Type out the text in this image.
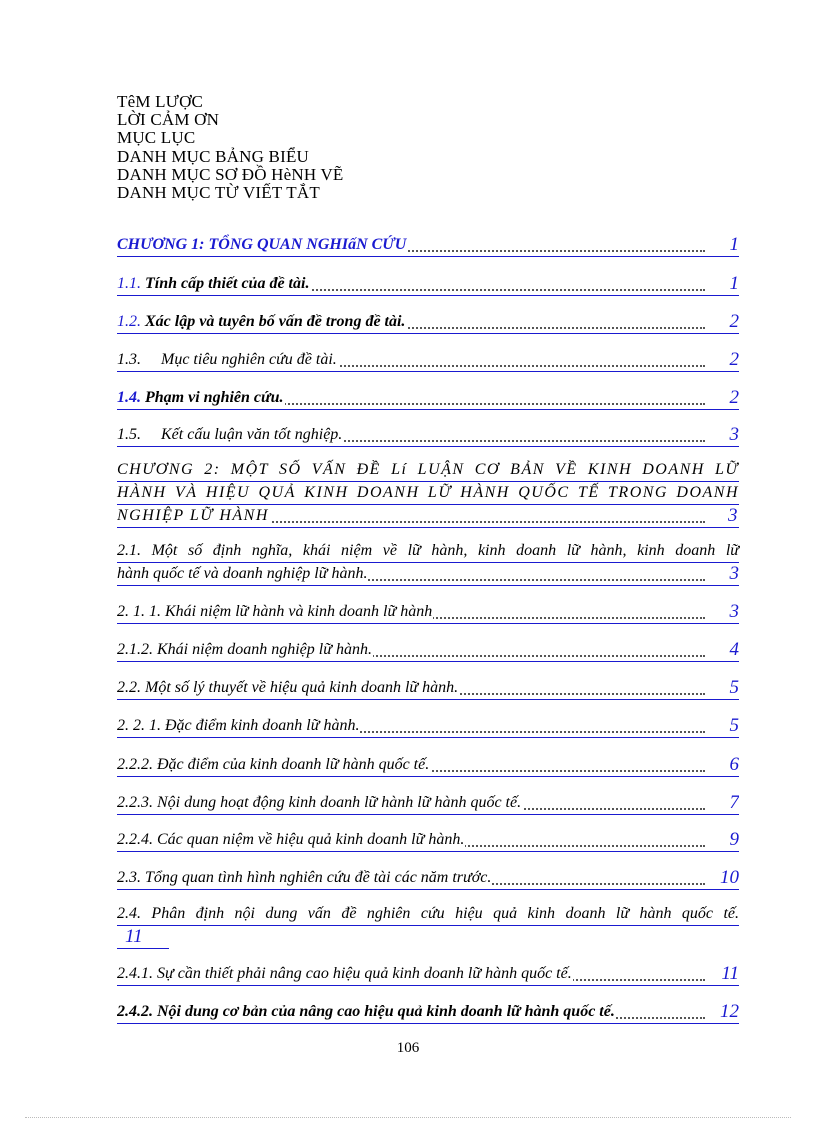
TêM LƯỢC
LỜI CẢM ƠN
MỤC LỤC
DANH MỤC BẢNG BIỂU
DANH MỤC SƠ ĐỒ HèNH VẼ
DANH MỤC TỪ VIẾT TẮT
CHƯƠNG 1: TỔNG QUAN NGHIấN CỨU	1
1.1. Tính cấp thiết của đề tài.	1
1.2. Xác lập và tuyên bố vấn đề trong đề tài.	2
1.3.     Mục tiêu nghiên cứu đề tài.	2
1.4. Phạm vi nghiên cứu.	2
1.5.     Kết cấu luận văn tốt nghiệp.	3
CHƯƠNG 2: MỘT SỐ VẤN ĐỀ Lí LUẬN CƠ BẢN VỀ KINH DOANH LỮ
HÀNH VÀ HIỆU QUẢ KINH DOANH LỮ HÀNH QUỐC TẾ TRONG DOANH
NGHIỆP LỮ HÀNH	3
2.1. Một số định nghĩa, khái niệm về lữ hành, kinh doanh lữ hành, kinh doanh lữ
hành quốc tế và doanh nghiệp lữ hành.	3
2. 1. 1. Khái niệm lữ hành và kinh doanh lữ hành	3
2.1.2. Khái niệm doanh nghiệp lữ hành.	4
2.2. Một số lý thuyết về hiệu quả kinh doanh lữ hành.	5
2. 2. 1. Đặc điểm kinh doanh lữ hành.	5
2.2.2. Đặc điểm của kinh doanh lữ hành quốc tế.	6
2.2.3. Nội dung hoạt động kinh doanh lữ hành lữ hành quốc tế.	7
2.2.4. Các quan niệm về hiệu quả kinh doanh lữ hành.	9
2.3. Tổng quan tình hình nghiên cứu đề tài các năm trước.	10
2.4. Phân định nội dung vấn đề nghiên cứu hiệu quả kinh doanh lữ hành quốc tế.
11
2.4.1. Sự cần thiết phải nâng cao hiệu quả kinh doanh lữ hành quốc tế.	11
2.4.2. Nội dung cơ bản của nâng cao hiệu quả kinh doanh lữ hành quốc tế.	12
106
